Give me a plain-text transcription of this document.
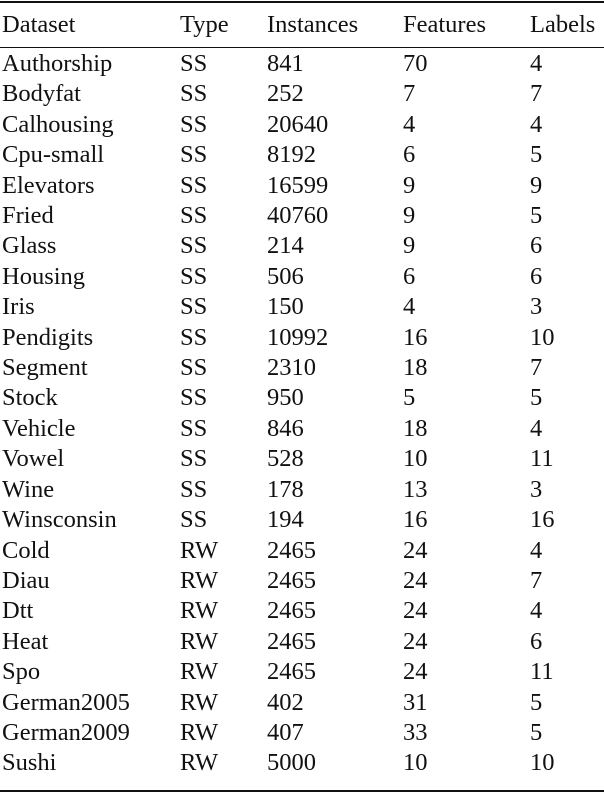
Dataset	Type	Instances	Features	Labels
Authorship	SS	841	70	4
Bodyfat	SS	252	7	7
Calhousing	SS	20640	4	4
Cpu-small	SS	8192	6	5
Elevators	SS	16599	9	9
Fried	SS	40760	9	5
Glass	SS	214	9	6
Housing	SS	506	6	6
Iris	SS	150	4	3
Pendigits	SS	10992	16	10
Segment	SS	2310	18	7
Stock	SS	950	5	5
Vehicle	SS	846	18	4
Vowel	SS	528	10	11
Wine	SS	178	13	3
Winsconsin	SS	194	16	16
Cold	RW	2465	24	4
Diau	RW	2465	24	7
Dtt	RW	2465	24	4
Heat	RW	2465	24	6
Spo	RW	2465	24	11
German2005	RW	402	31	5
German2009	RW	407	33	5
Sushi	RW	5000	10	10
